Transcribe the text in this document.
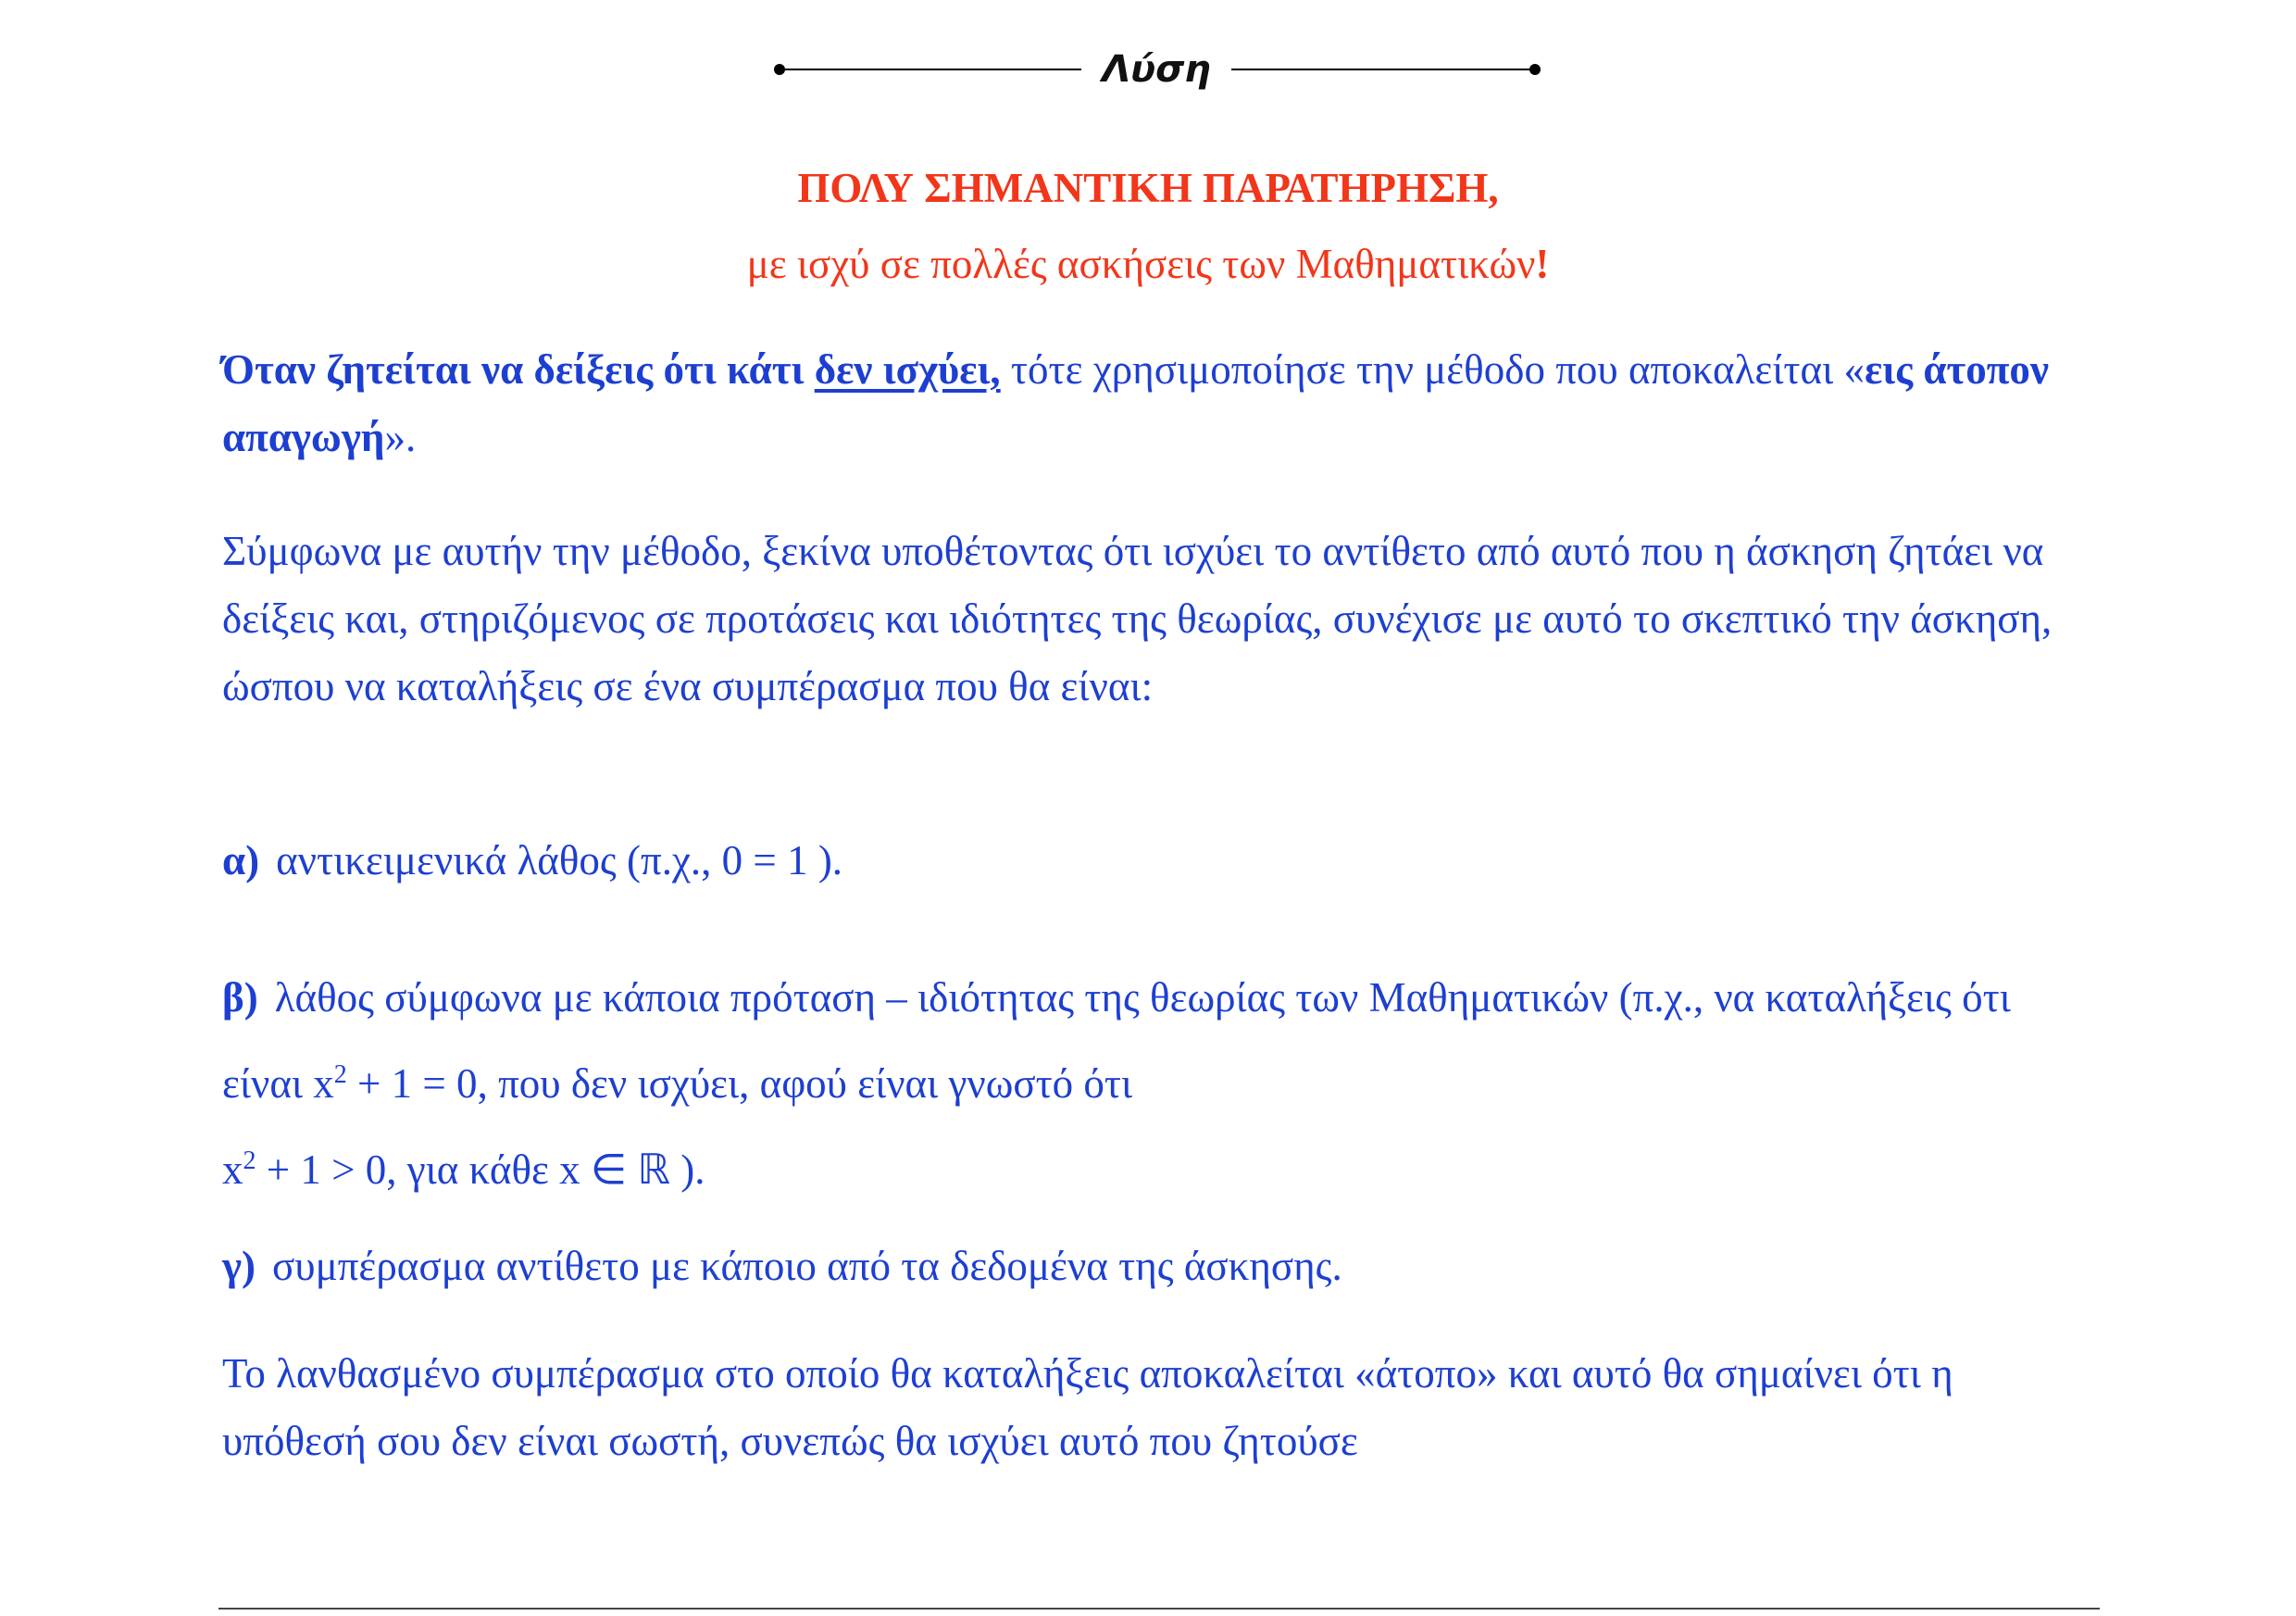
Λύση
ΠΟΛΥ ΣΗΜΑΝΤΙΚΗ ΠΑΡΑΤΗΡΗΣΗ,
με ισχύ σε πολλές ασκήσεις των Μαθηματικών!

Όταν ζητείται να δείξεις ότι κάτι δεν ισχύει, τότε χρησιμοποίησε την μέθοδο που αποκαλείται «εις άτοπον απαγωγή».

Σύμφωνα με αυτήν την μέθοδο, ξεκίνα υποθέτοντας ότι ισχύει το αντίθετο από αυτό που η άσκηση ζητάει να δείξεις και, στηριζόμενος σε προτάσεις και ιδιότητες της θεωρίας, συνέχισε με αυτό το σκεπτικό την άσκηση, ώσπου να καταλήξεις σε ένα συμπέρασμα που θα είναι:

α) αντικειμενικά λάθος (π.χ., 0 = 1 ).

β) λάθος σύμφωνα με κάποια πρόταση – ιδιότητας της θεωρίας των Μαθηματικών (π.χ., να καταλήξεις ότι είναι $x^2 + 1 = 0$, που δεν ισχύει, αφού είναι γνωστό ότι
$x^2 + 1 > 0$, για κάθε x ∈ ℝ ).

γ) συμπέρασμα αντίθετο με κάποιο από τα δεδομένα της άσκησης.

Το λανθασμένο συμπέρασμα στο οποίο θα καταλήξεις αποκαλείται «άτοπο» και αυτό θα σημαίνει ότι η υπόθεσή σου δεν είναι σωστή, συνεπώς θα ισχύει αυτό που ζητούσε
